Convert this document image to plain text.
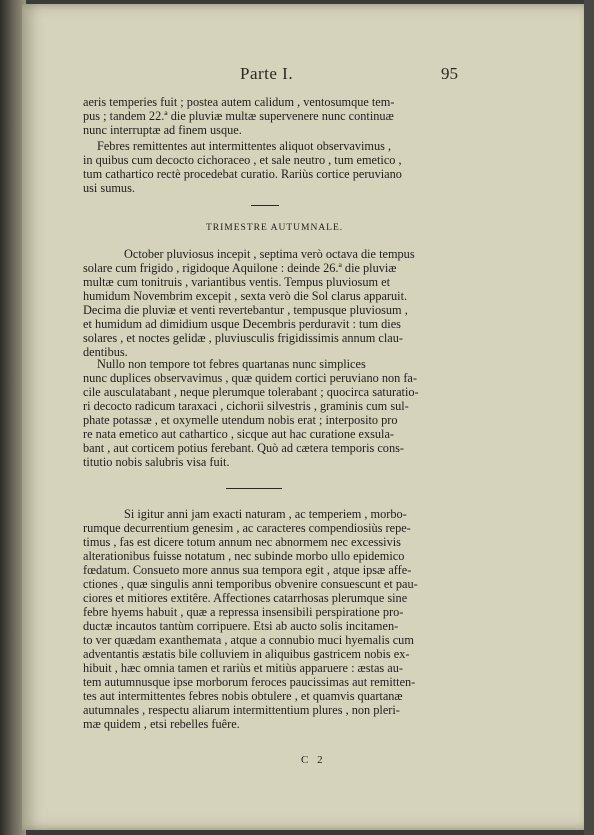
Parte I.	95
aeris temperies fuit ; postea autem calidum , ventosumque tem-
pus ; tandem 22.ª die pluviæ multæ supervenere nunc continuæ
nunc interruptæ ad finem usque.
Febres remittentes aut intermittentes aliquot observavimus ,
in quibus cum decocto cichoraceo , et sale neutro , tum emetico ,
tum cathartico rectè procedebat curatio. Rariùs cortice peruviano
usi sumus.
TRIMESTRE AUTUMNALE.
October pluviosus incepit , septima verò octava die tempus
solare cum frigido , rigidoque Aquilone : deinde 26.ª die pluviæ
multæ cum tonitruis , variantibus ventis. Tempus pluviosum et
humidum Novembrim excepit , sexta verò die Sol clarus apparuit.
Decima die pluviæ et venti revertebantur , tempusque pluviosum ,
et humidum ad dimidium usque Decembris perduravit : tum dies
solares , et noctes gelidæ , pluviusculis frigidissimis annum clau-
dentibus.
Nullo non tempore tot febres quartanas nunc simplices
nunc duplices observavimus , quæ quidem cortici peruviano non fa-
cile ausculatabant , neque plerumque tolerabant ; quocirca saturatio-
ri decocto radicum taraxaci , cichorii silvestris , graminis cum sul-
phate potassæ , et oxymelle utendum nobis erat ; interposito pro
re nata emetico aut cathartico , sicque aut hac curatione exsula-
bant , aut corticem potius ferebant. Quò ad cætera temporis cons-
titutio nobis salubris visa fuit.
Si igitur anni jam exacti naturam , ac temperiem , morbo-
rumque decurrentium genesim , ac caracteres compendiosiùs repe-
timus , fas est dicere totum annum nec abnormem nec excessivis
alterationibus fuisse notatum , nec subinde morbo ullo epidemico
fœdatum. Consueto more annus sua tempora egit , atque ipsæ affe-
ctiones , quæ singulis anni temporibus obvenire consuescunt et pau-
ciores et mitiores extitêre. Affectiones catarrhosas plerumque sine
febre hyems habuit , quæ a repressa insensibili perspiratione pro-
ductæ incautos tantùm corripuere. Etsi ab aucto solis incitamen-
to ver quædam exanthemata , atque a connubio muci hyemalis cum
adventantis æstatis bile colluviem in aliquibus gastricem nobis ex-
hibuit , hæc omnia tamen et rariùs et mitiùs apparuere : æstas au-
tem autumnusque ipse morborum feroces paucissimas aut remitten-
tes aut intermittentes febres nobis obtulere , et quamvis quartanæ
autumnales , respectu aliarum intermittentium plures , non pleri-
mæ quidem , etsi rebelles fuêre.
C 2
